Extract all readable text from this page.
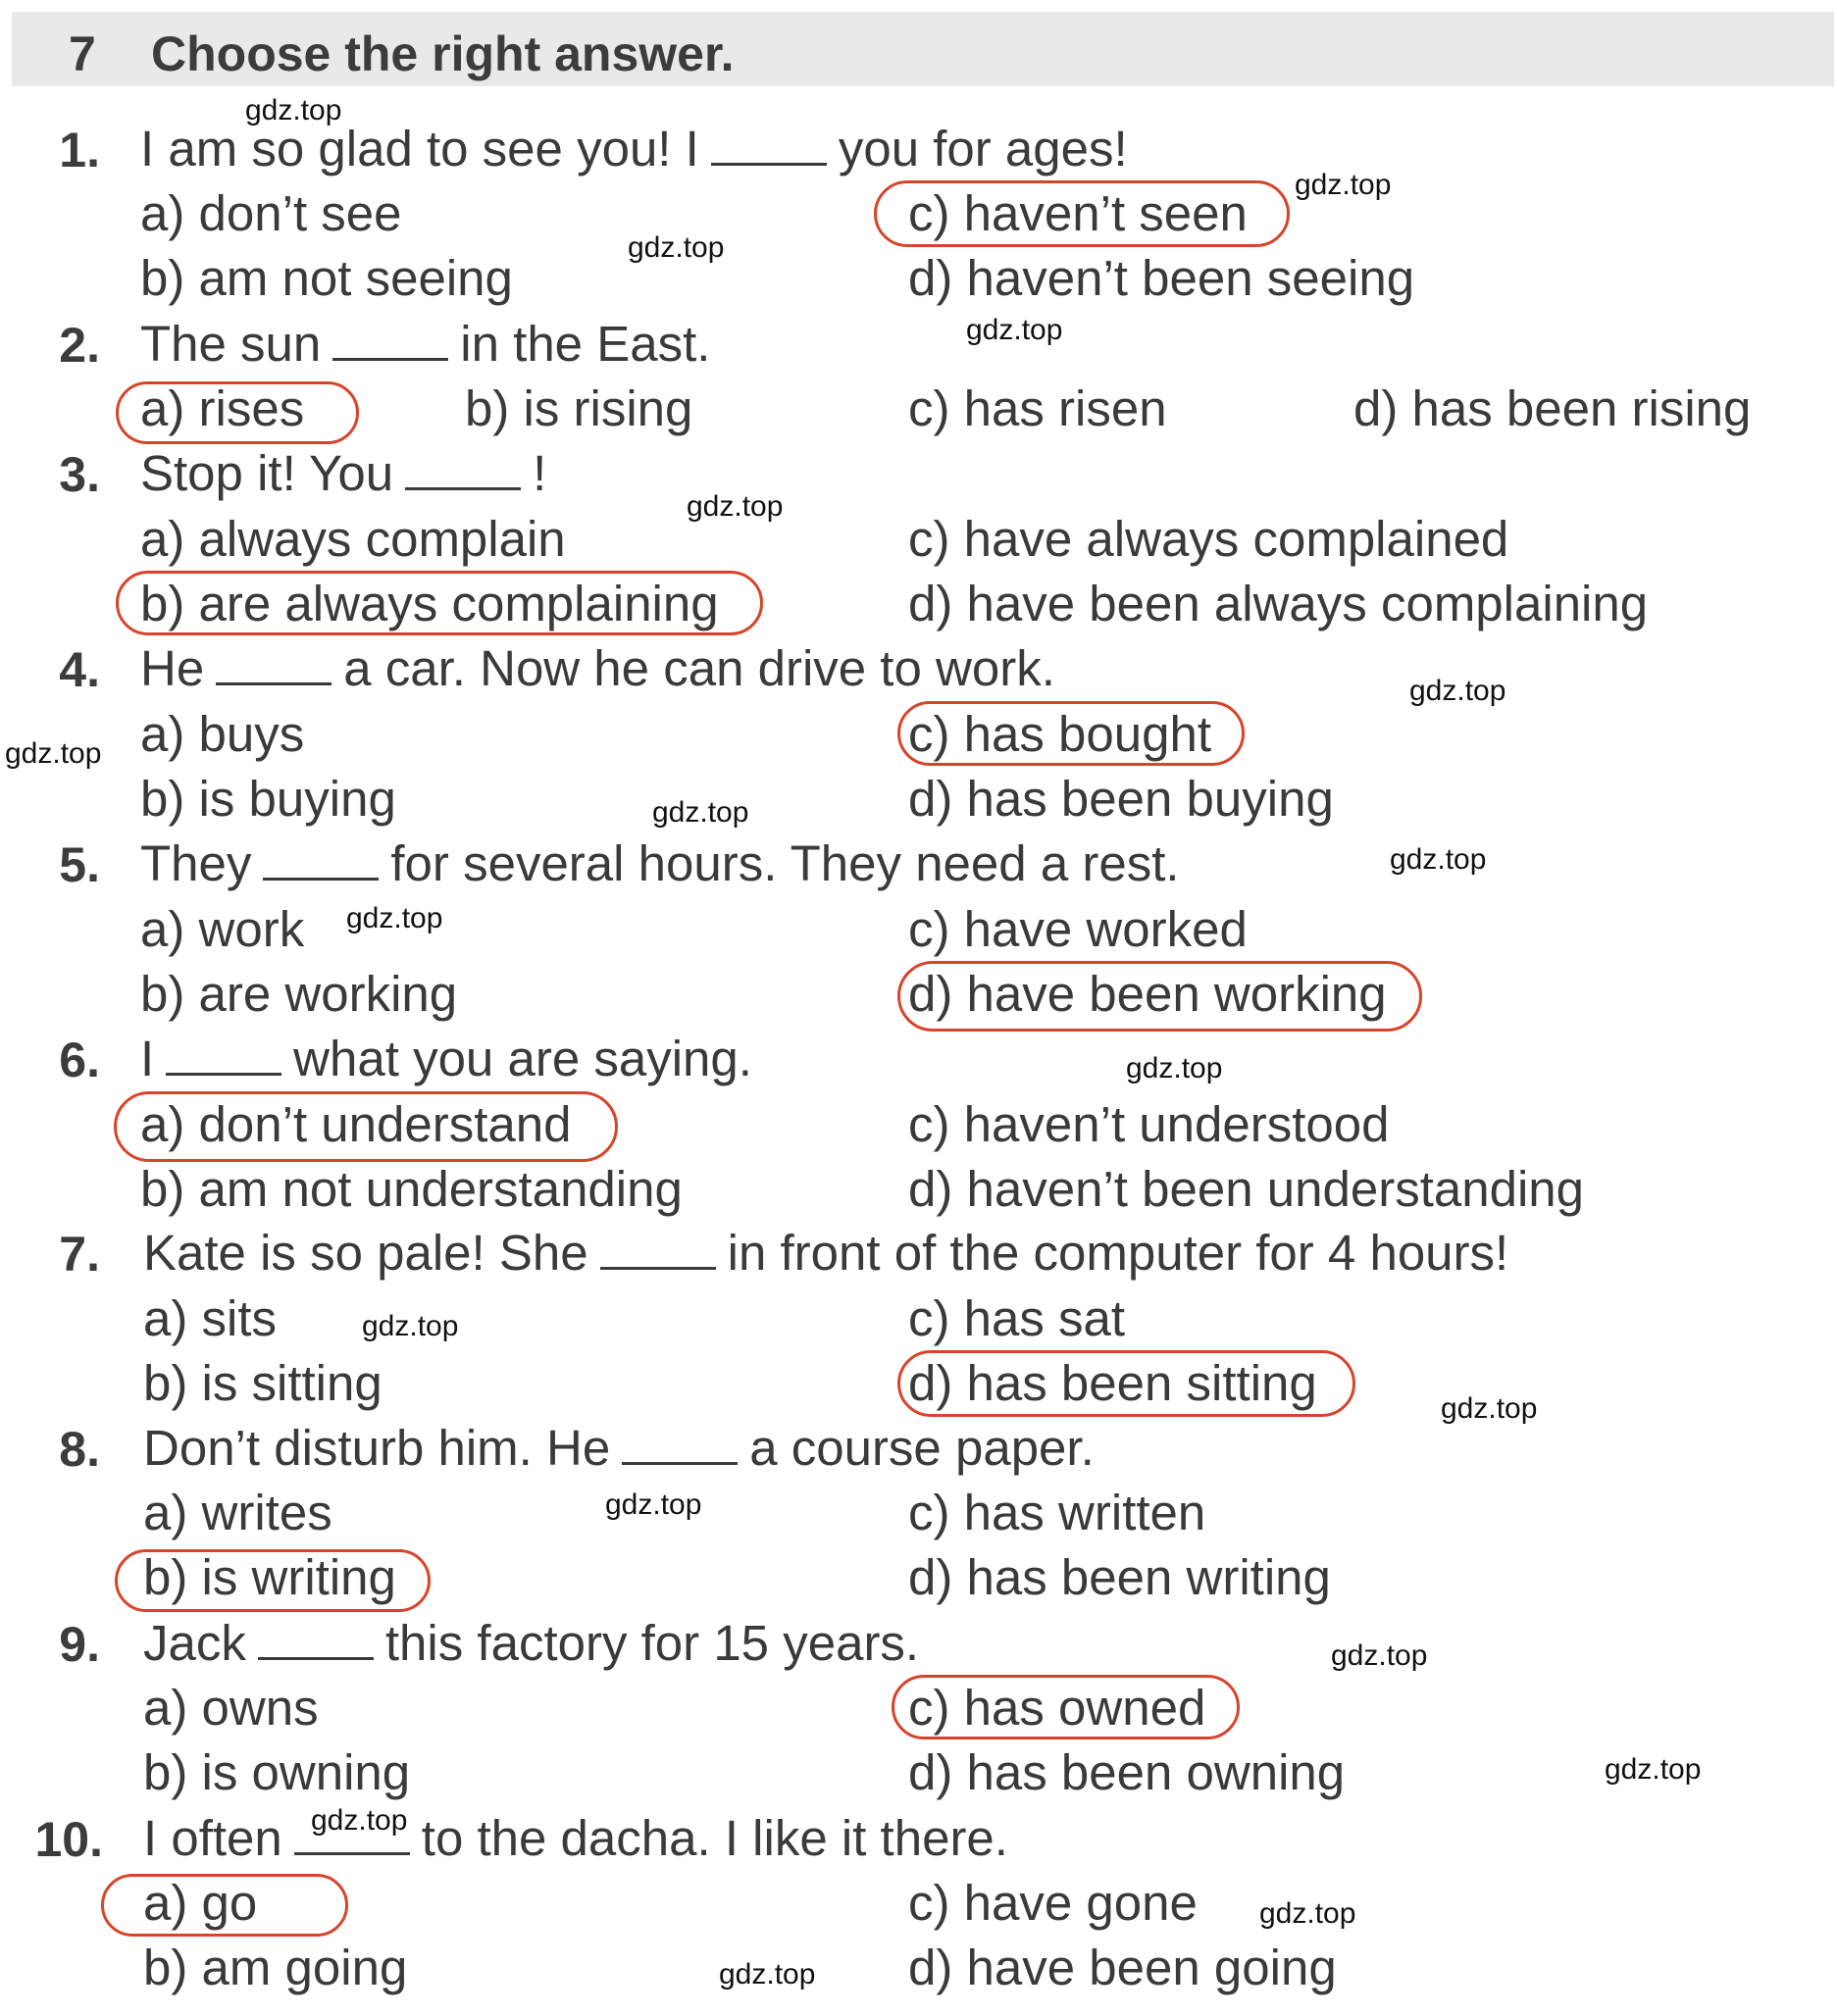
7 Choose the right answer.
1. I am so glad to see you! I	you for ages!
a) don’t see
b) am not seeing
c) haven’t seen
d) haven’t been seeing
2. The sun	in the East.
a) rises	b) is rising	c) has risen	d) has been rising
3. Stop it! You	!
a) always complain
b) are always complaining
c) have always complained
d) have been always complaining
4. He	a car. Now he can drive to work.
a) buys
b) is buying
c) has bought
d) has been buying
5. They	for several hours. They need a rest.
a) work
b) are working
c) have worked
d) have been working
6. I	what you are saying.
a) don’t understand
b) am not understanding
c) haven’t understood
d) haven’t been understanding
7. Kate is so pale! She	in front of the computer for 4 hours!
a) sits
b) is sitting
c) has sat
d) has been sitting
8. Don’t disturb him. He	a course paper.
a) writes
b) is writing
c) has written
d) has been writing
9. Jack	this factory for 15 years.
a) owns
b) is owning
c) has owned
d) has been owning
10. I often	to the dacha. I like it there.
a) go
b) am going
c) have gone
d) have been going
gdz.top
gdz.top
gdz.top
gdz.top
gdz.top
gdz.top
gdz.top
gdz.top
gdz.top
gdz.top
gdz.top
gdz.top
gdz.top
gdz.top
gdz.top
gdz.top
gdz.top
gdz.top
gdz.top
